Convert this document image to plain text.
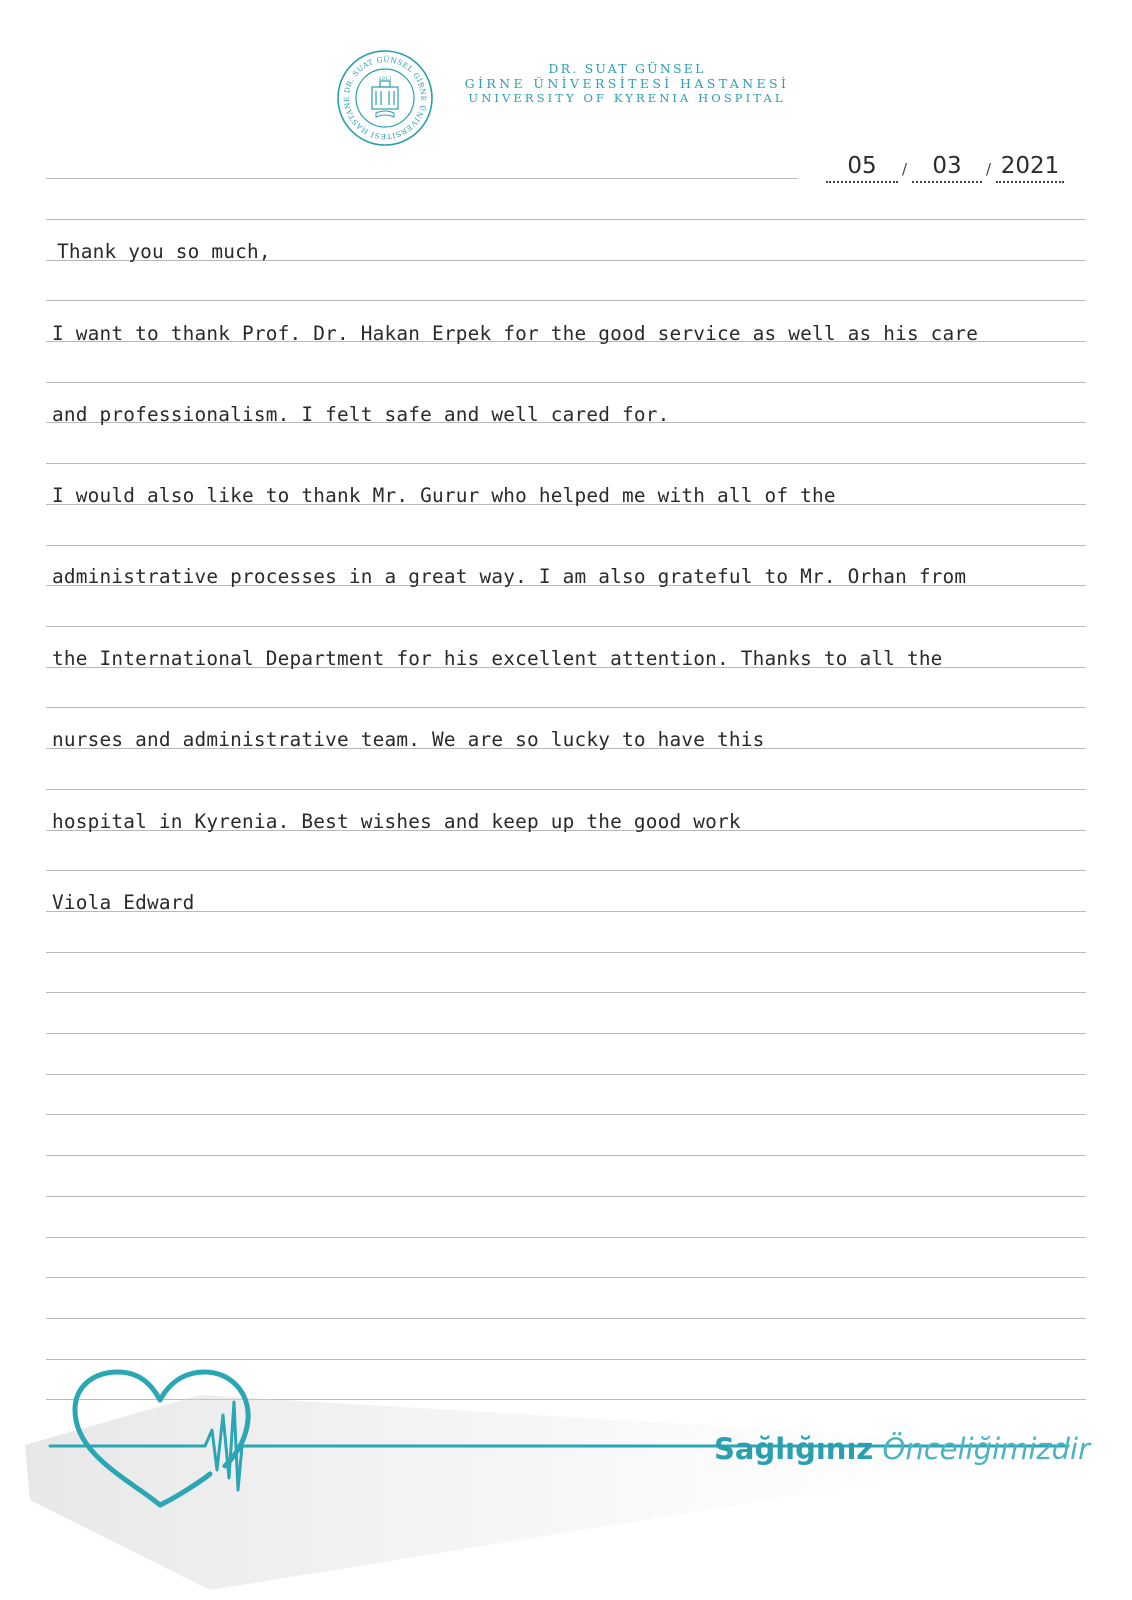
DR. SUAT GÜNSEL GİRNE ÜNİVERSİTESİ HASTANE
2013
DR. SUAT GÜNSEL
GİRNE ÜNİVERSİTESİ HASTANESİ
UNIVERSITY OF KYRENIA HOSPITAL
05	/	03	/ 2021
Thank you so much,
I want to thank Prof. Dr. Hakan Erpek for the good service as well as his care
and professionalism. I felt safe and well cared for.
I would also like to thank Mr. Gurur who helped me with all of the
administrative processes in a great way. I am also grateful to Mr. Orhan from
the International Department for his excellent attention. Thanks to all the
nurses and administrative team. We are so lucky to have this
hospital in Kyrenia. Best wishes and keep up the good work
Viola Edward
Sağlığınız Önceliğimizdir
